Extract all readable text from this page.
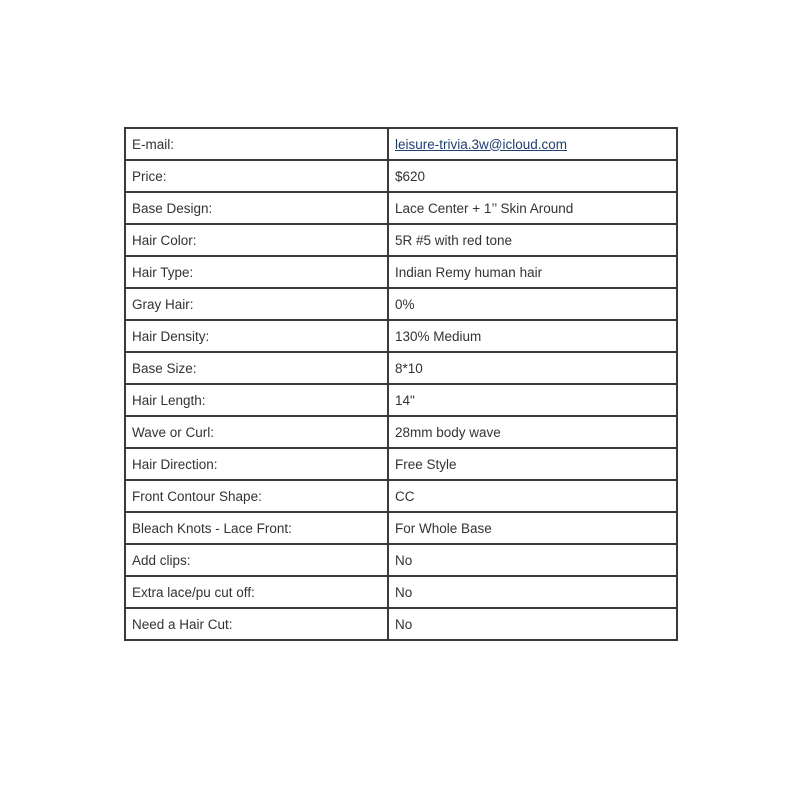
E-mail:	leisure-trivia.3w@icloud.com
Price:	$620
Base Design:	Lace Center + 1’’ Skin Around
Hair Color:	5R #5 with red tone
Hair Type:	Indian Remy human hair
Gray Hair:	0%
Hair Density:	130% Medium
Base Size:	8*10
Hair Length:	14"
Wave or Curl:	28mm body wave
Hair Direction:	Free Style
Front Contour Shape:	CC
Bleach Knots - Lace Front:	For Whole Base
Add clips:	No
Extra lace/pu cut off:	No
Need a Hair Cut:	No
